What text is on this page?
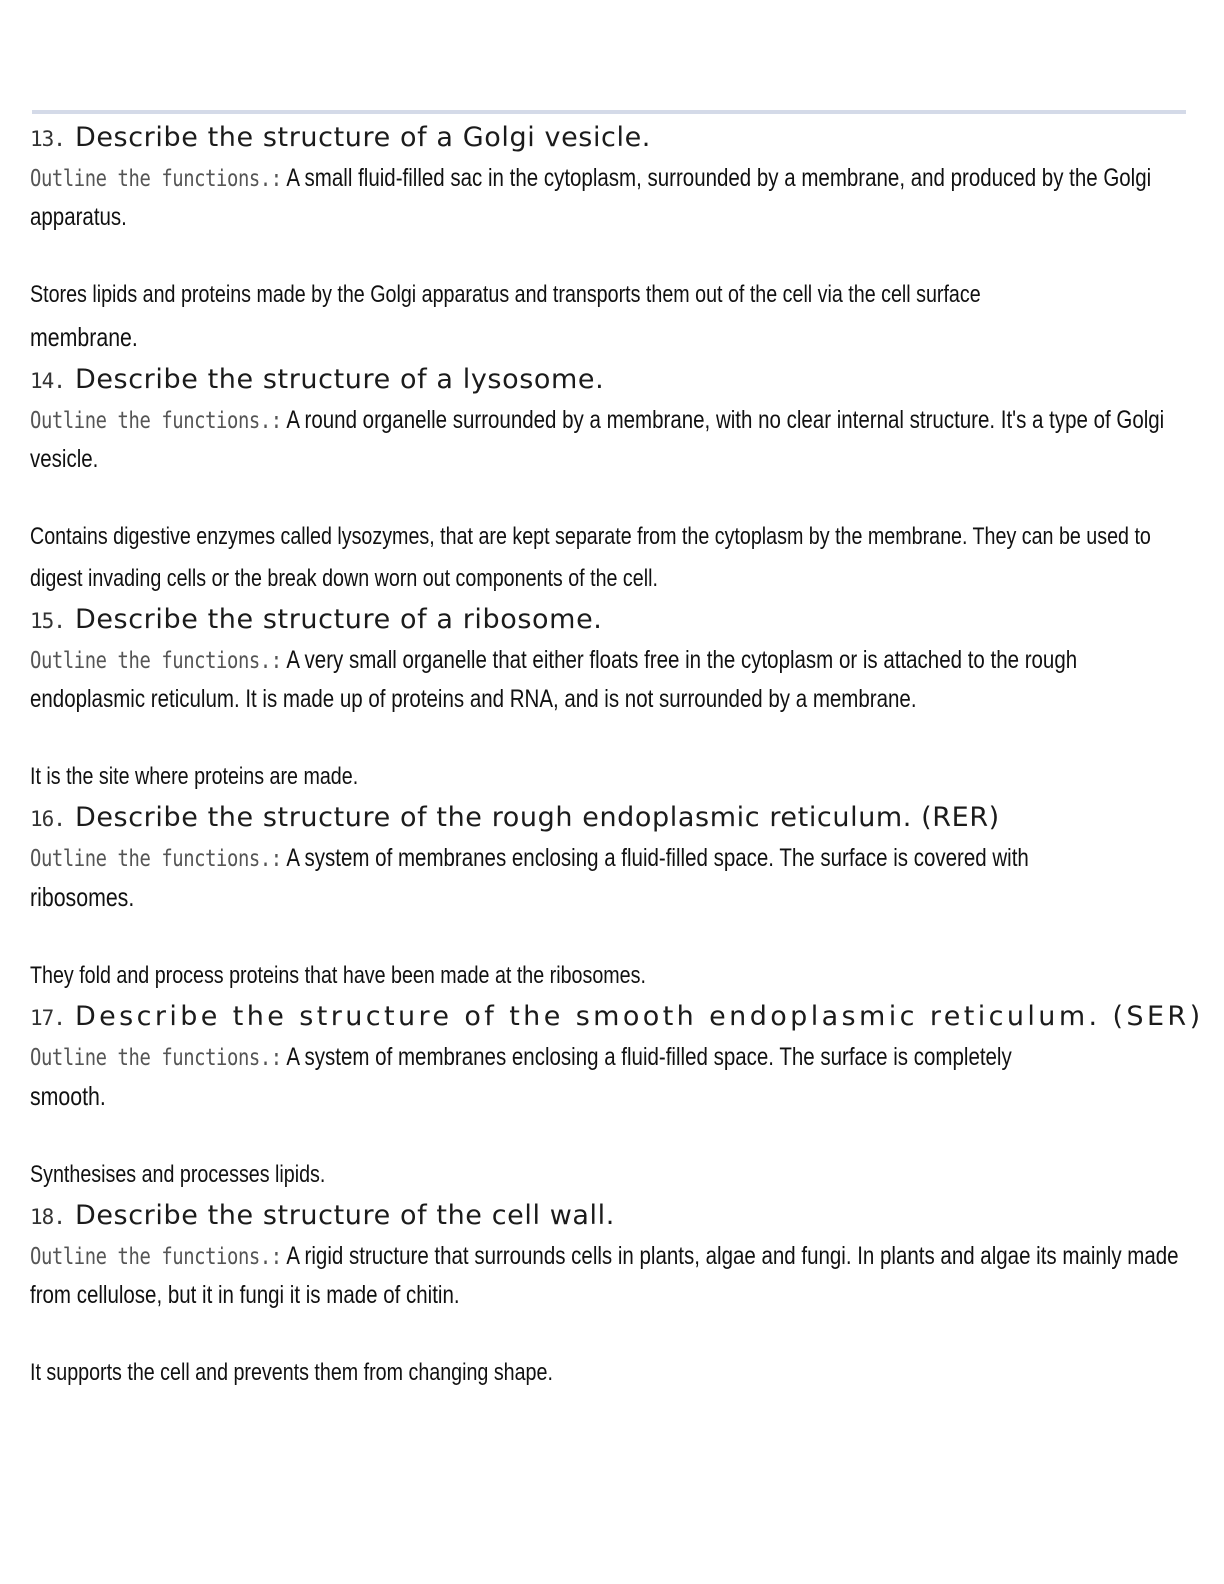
13. Describe the structure of a Golgi vesicle.
Outline the functions.: A small fluid-filled sac in the cytoplasm, surrounded by a membrane, and produced by the Golgi apparatus.
Stores lipids and proteins made by the Golgi apparatus and transports them out of the cell via the cell surface
membrane.
14. Describe the structure of a lysosome.
Outline the functions.: A round organelle surrounded by a membrane, with no clear internal structure. It's a type of Golgi vesicle.
Contains digestive enzymes called lysozymes, that are kept separate from the cytoplasm by the membrane. They can be used to digest invading cells or the break down worn out components of the cell.
15. Describe the structure of a ribosome.
Outline the functions.: A very small organelle that either floats free in the cytoplasm or is attached to the rough endoplasmic reticulum. It is made up of proteins and RNA, and is not surrounded by a membrane.
It is the site where proteins are made.
16. Describe the structure of the rough endoplasmic reticulum. (RER)
Outline the functions.: A system of membranes enclosing a fluid-filled space. The surface is covered with
ribosomes.
They fold and process proteins that have been made at the ribosomes.
17. Describe the structure of the smooth endoplasmic reticulum. (SER)
Outline the functions.: A system of membranes enclosing a fluid-filled space. The surface is completely
smooth.
Synthesises and processes lipids.
18. Describe the structure of the cell wall.
Outline the functions.: A rigid structure that surrounds cells in plants, algae and fungi. In plants and algae its mainly made from cellulose, but it in fungi it is made of chitin.
It supports the cell and prevents them from changing shape.
